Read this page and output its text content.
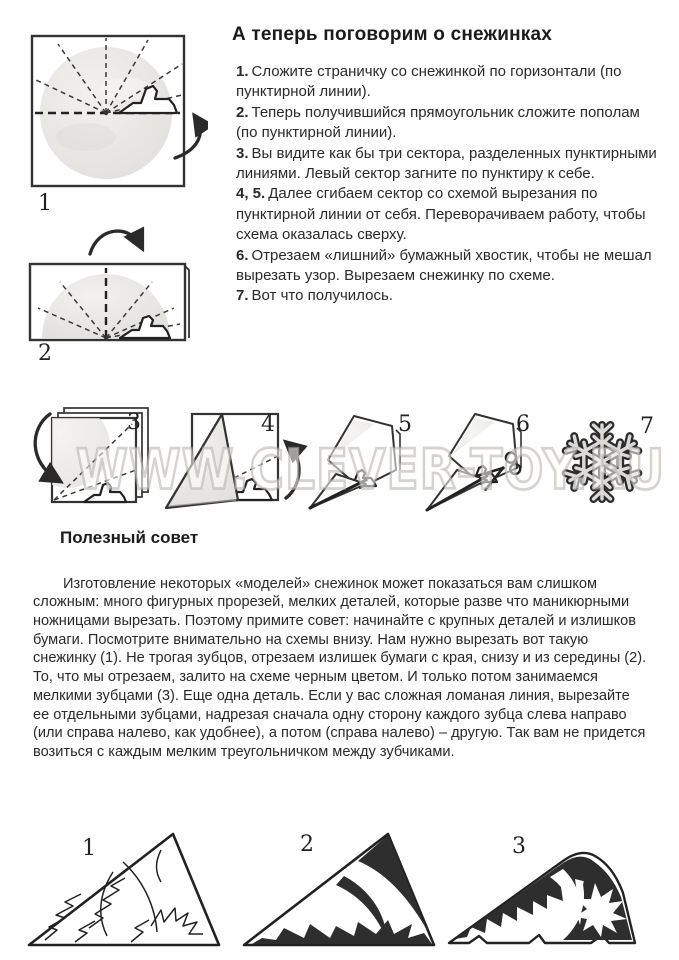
1
2
А теперь поговорим о снежинках

1. Сложите страничку со снежинкой по горизонтали (по пунктирной линии).

2. Теперь получившийся прямоугольник сложите пополам (по пунктирной линии).

3. Вы видите как бы три сектора, разделенных пунктирными линиями. Левый сектор загните по пунктиру к себе.

4, 5. Далее сгибаем сектор со схемой вырезания по пунктирной линии от себя. Переворачиваем работу, чтобы схема оказалась сверху.

6. Отрезаем «лишний» бумажный хвостик, чтобы не мешал вырезать узор. Вырезаем снежинку по схеме.

7. Вот что получилось.

3	4	5	6	7
WWW.CLEVER-TOY.RU
Полезный совет

Изготовление некоторых «моделей» снежинок может показаться вам слишком сложным: много фигурных прорезей, мелких деталей, которые разве что маникюрными ножницами вырезать. Поэтому примите совет: начинайте с крупных деталей и излишков бумаги. Посмотрите внимательно на схемы внизу. Нам нужно вырезать вот такую снежинку (1). Не трогая зубцов, отрезаем излишек бумаги с края, снизу и из середины (2). То, что мы отрезаем, залито на схеме черным цветом. И только потом занимаемся мелкими зубцами (3). Еще одна деталь. Если у вас сложная ломаная линия, вырезайте ее отдельными зубцами, надрезая сначала одну сторону каждого зубца слева направо (или справа налево, как удобнее), а потом (справа налево) – другую. Так вам не придется возиться с каждым мелким треугольничком между зубчиками.

1	2	3
